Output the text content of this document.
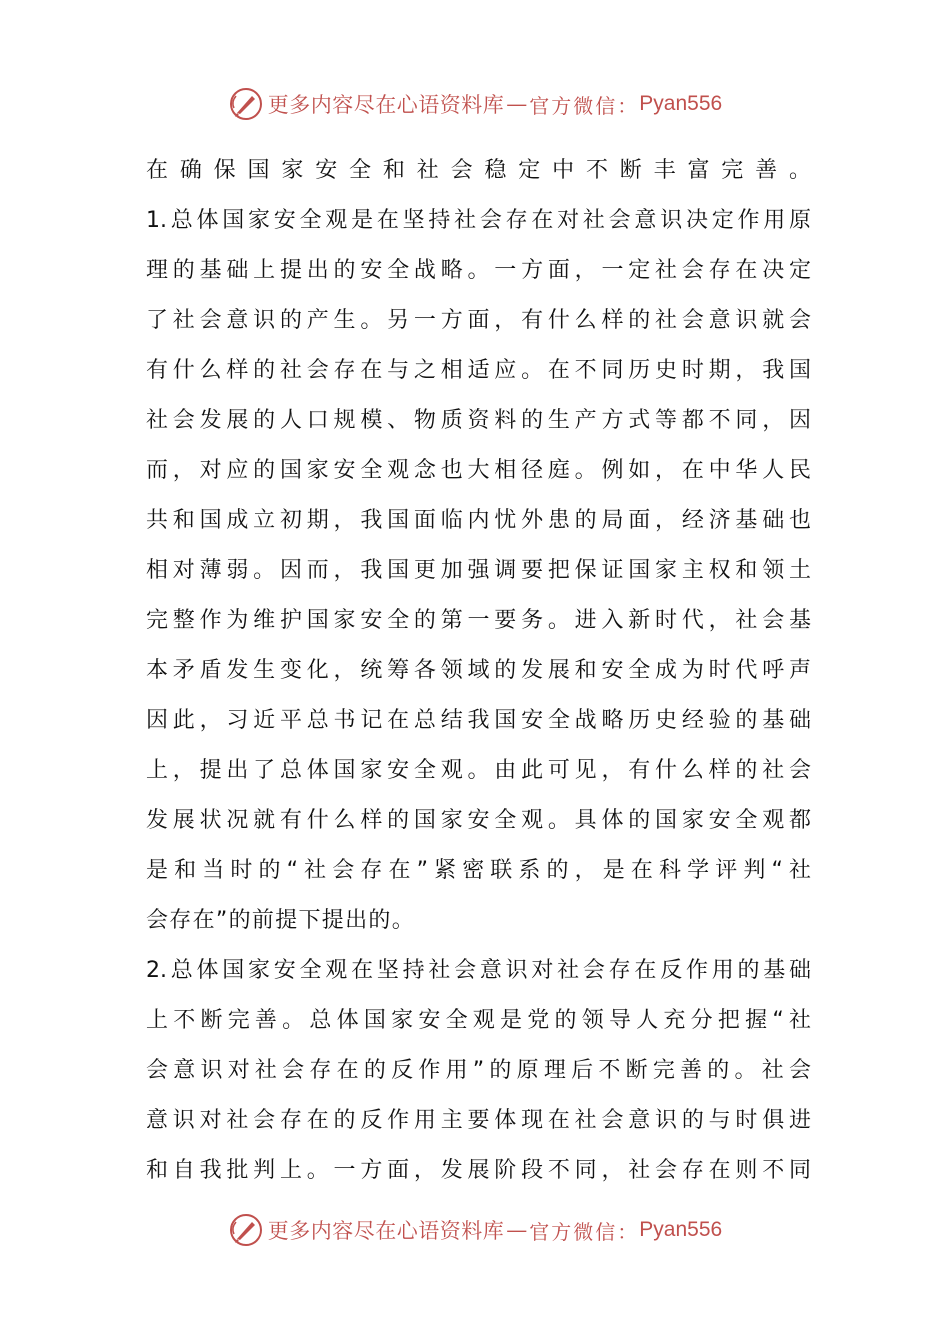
更多内容尽在心语资料库 — 官方微信： Pyan556
在确保国家安全和社会稳定中不断丰富完善。
1.总体国家安全观是在坚持社会存在对社会意识决定作用原
理的基础上提出的安全战略。一方面，一定社会存在决定
了社会意识的产生。另一方面，有什么样的社会意识就会
有什么样的社会存在与之相适应。在不同历史时期，我国
社会发展的人口规模、物质资料的生产方式等都不同，因
而，对应的国家安全观念也大相径庭。例如，在中华人民
共和国成立初期，我国面临内忧外患的局面，经济基础也
相对薄弱。因而，我国更加强调要把保证国家主权和领土
完整作为维护国家安全的第一要务。进入新时代，社会基
本矛盾发生变化，统筹各领域的发展和安全成为时代呼声
因此，习近平总书记在总结我国安全战略历史经验的基础
上，提出了总体国家安全观。由此可见，有什么样的社会
发展状况就有什么样的国家安全观。具体的国家安全观都
是和当时的“社会存在”紧密联系的，是在科学评判“社
会存在”的前提下提出的。
2.总体国家安全观在坚持社会意识对社会存在反作用的基础
上不断完善。总体国家安全观是党的领导人充分把握“社
会意识对社会存在的反作用”的原理后不断完善的。社会
意识对社会存在的反作用主要体现在社会意识的与时俱进
和自我批判上。一方面，发展阶段不同，社会存在则不同
更多内容尽在心语资料库 — 官方微信： Pyan556
